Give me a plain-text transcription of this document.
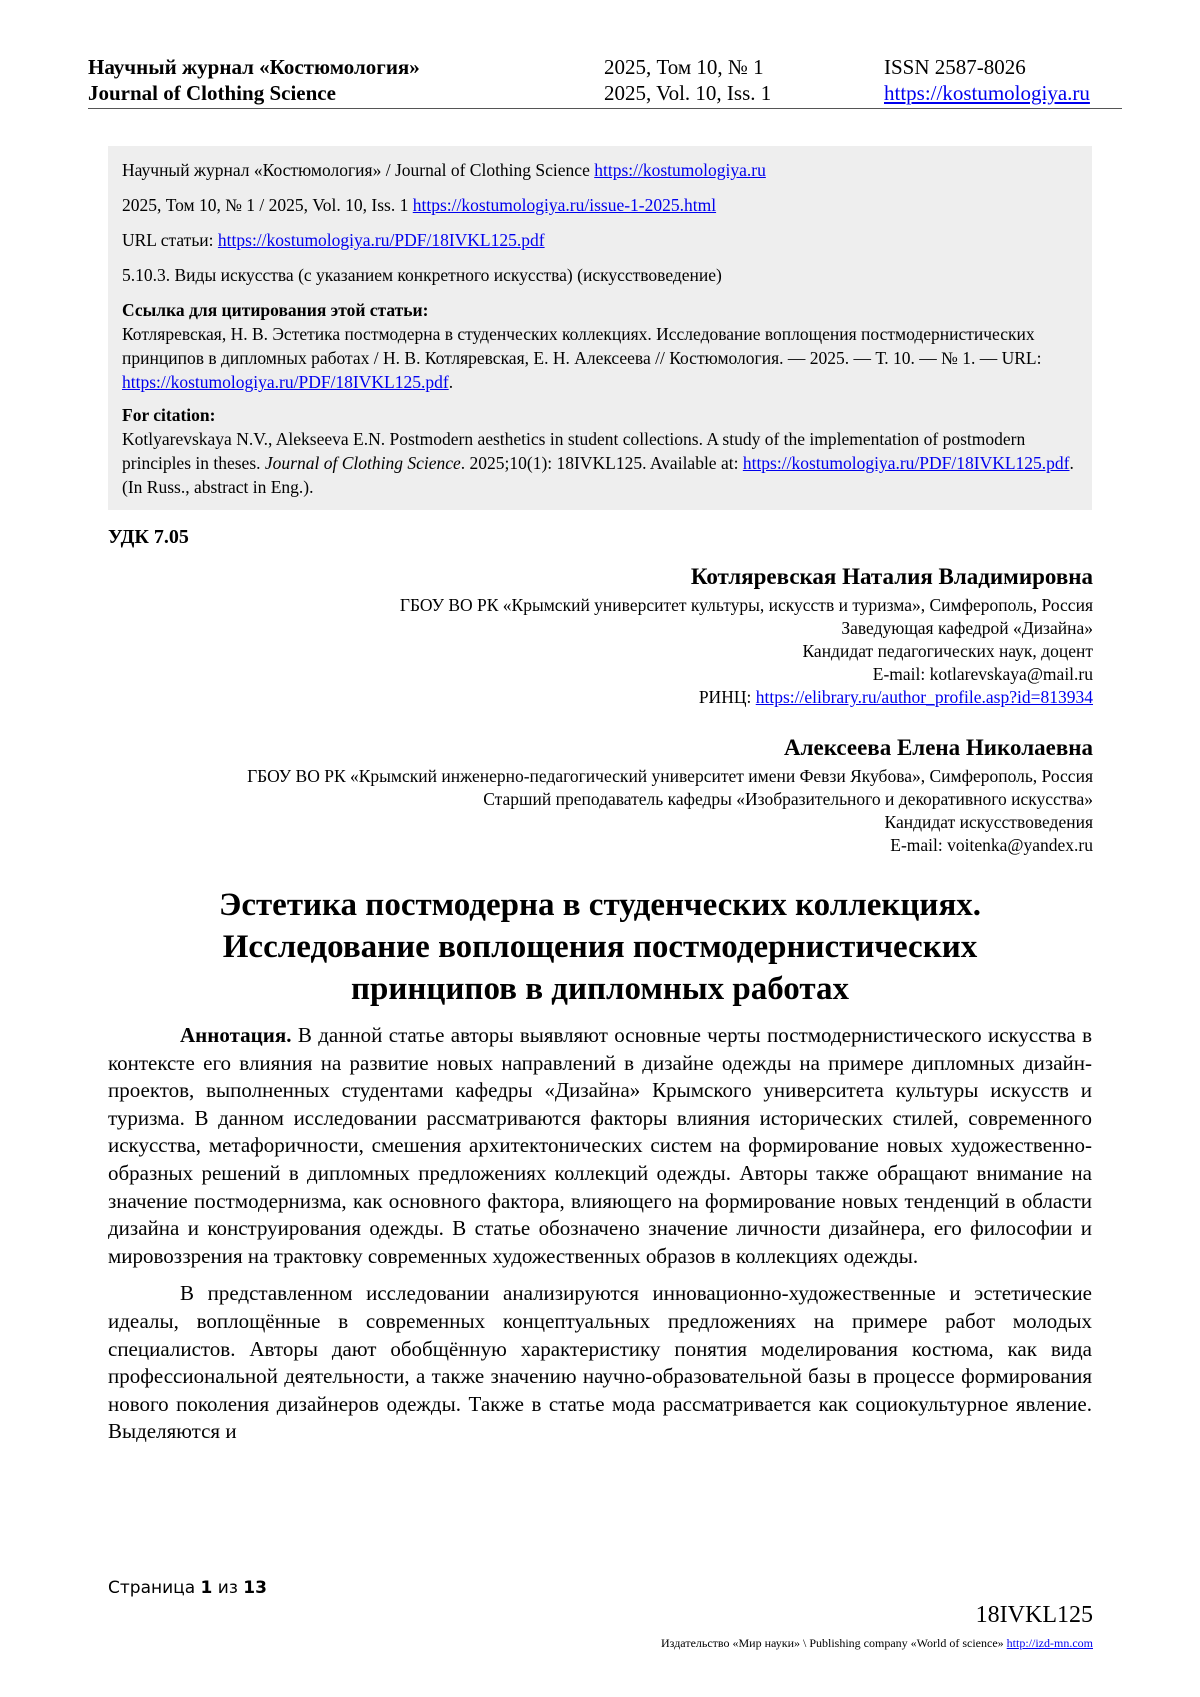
Научный журнал «Костюмология»
Journal of Clothing Science
2025, Том 10, № 1
2025, Vol. 10, Iss. 1
ISSN 2587-8026
https://kostumologiya.ru

Научный журнал «Костюмология» / Journal of Clothing Science https://kostumologiya.ru

2025, Том 10, № 1 / 2025, Vol. 10, Iss. 1 https://kostumologiya.ru/issue-1-2025.html

URL статьи: https://kostumologiya.ru/PDF/18IVKL125.pdf

5.10.3. Виды искусства (с указанием конкретного искусства) (искусствоведение)

Ссылка для цитирования этой статьи:
Котляревская, Н. В. Эстетика постмодерна в студенческих коллекциях. Исследование воплощения постмодернистических принципов в дипломных работах / Н. В. Котляревская, Е. Н. Алексеева // Костюмология. — 2025. — Т. 10. — № 1. — URL: https://kostumologiya.ru/PDF/18IVKL125.pdf.
For citation:
Kotlyarevskaya N.V., Alekseeva E.N. Postmodern aesthetics in student collections. A study of the implementation of postmodern principles in theses. Journal of Clothing Science. 2025;10(1): 18IVKL125. Available at: https://kostumologiya.ru/PDF/18IVKL125.pdf. (In Russ., abstract in Eng.).
УДК 7.05
Котляревская Наталия Владимировна
ГБОУ ВО РК «Крымский университет культуры, искусств и туризма», Симферополь, Россия
Заведующая кафедрой «Дизайна»
Кандидат педагогических наук, доцент
E-mail: kotlarevskaya@mail.ru
РИНЦ: https://elibrary.ru/author_profile.asp?id=813934
Алексеева Елена Николаевна
ГБОУ ВО РК «Крымский инженерно-педагогический университет имени Февзи Якубова», Симферополь, Россия
Старший преподаватель кафедры «Изобразительного и декоративного искусства»
Кандидат искусствоведения
E-mail: voitenka@yandex.ru
Эстетика постмодерна в студенческих коллекциях.
Исследование воплощения постмодернистических
принципов в дипломных работах

Аннотация. В данной статье авторы выявляют основные черты постмодернистического искусства в контексте его влияния на развитие новых направлений в дизайне одежды на примере дипломных дизайн-проектов, выполненных студентами кафедры «Дизайна» Крымского университета культуры искусств и туризма. В данном исследовании рассматриваются факторы влияния исторических стилей, современного искусства, метафоричности, смешения архитектонических систем на формирование новых художественно-образных решений в дипломных предложениях коллекций одежды. Авторы также обращают внимание на значение постмодернизма, как основного фактора, влияющего на формирование новых тенденций в области дизайна и конструирования одежды. В статье обозначено значение личности дизайнера, его философии и мировоззрения на трактовку современных художественных образов в коллекциях одежды.

В представленном исследовании анализируются инновационно-художественные и эстетические идеалы, воплощённые в современных концептуальных предложениях на примере работ молодых специалистов. Авторы дают обобщённую характеристику понятия моделирования костюма, как вида профессиональной деятельности, а также значению научно-образовательной базы в процессе формирования нового поколения дизайнеров одежды. Также в статье мода рассматривается как социокультурное явление. Выделяются и

Страница 1 из 13
18IVKL125
Издательство «Мир науки» \ Publishing company «World of science» http://izd-mn.com
